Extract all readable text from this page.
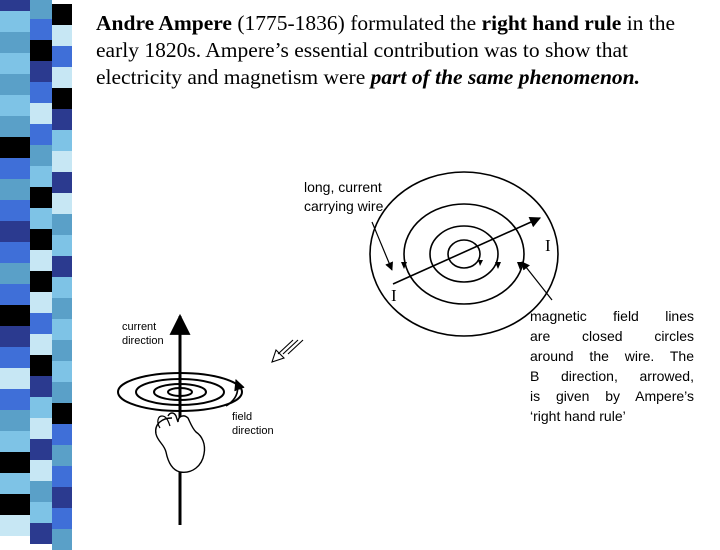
Andre Ampere (1775-1836) formulated the right hand rule in the early 1820s. Ampere’s essential contribution was to show that electricity and magnetism were part of the same phenomenon.

long, current
carrying wire
I
I
magnetic field lines
are closed circles
around the wire. The
B direction, arrowed,
is given by Ampere’s
‘right hand rule’
current
direction
field
direction
